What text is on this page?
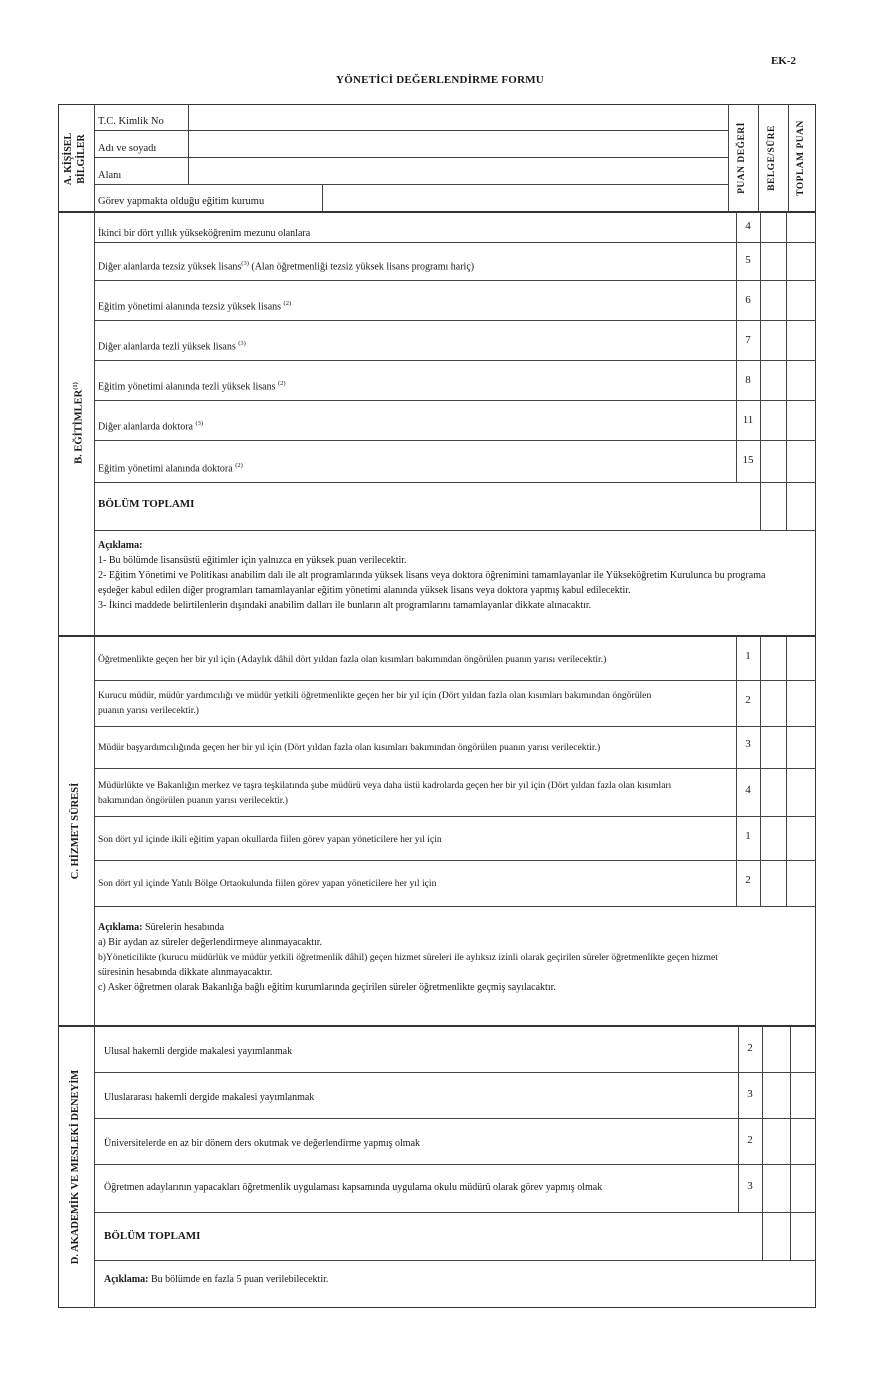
EK-2
YÖNETİCİ DEĞERLENDİRME FORMU
A. KİŞİSEL BİLGİLER
T.C. Kimlik No
Adı ve soyadı
Alanı
Görev yapmakta olduğu eğitim kurumu
PUAN DEĞERİ	BELGE/SÜRE	TOPLAM PUAN
B. EĞİTİMLER$^{(1)}$
İkinci bir dört yıllık yükseköğrenim mezunu olanlara
Diğer alanlarda tezsiz yüksek lisans$^{(3)}$ (Alan öğretmenliği tezsiz yüksek lisans programı hariç)
Eğitim yönetimi alanında tezsiz yüksek lisans $^{(2)}$
Diğer alanlarda tezli yüksek lisans $^{(3)}$
Eğitim yönetimi alanında tezli yüksek lisans $^{(2)}$
Diğer alanlarda doktora $^{(3)}$
Eğitim yönetimi alanında doktora $^{(2)}$
4
5
6
7
8
11
15
BÖLÜM TOPLAMI
Açıklama:
1- Bu bölümde lisansüstü eğitimler için yalnızca en yüksek puan verilecektir.
2- Eğitim Yönetimi ve Politikası anabilim dalı ile alt programlarında yüksek lisans veya doktora öğrenimini tamamlayanlar ile Yükseköğretim Kurulunca bu programa
eşdeğer kabul edilen diğer programları tamamlayanlar eğitim yönetimi alanında yüksek lisans veya doktora yapmış kabul edilecektir.
3- İkinci maddede belirtilenlerin dışındaki anabilim dalları ile bunların alt programlarını tamamlayanlar dikkate alınacaktır.
C. HİZMET SÜRESİ
Öğretmenlikte geçen her bir yıl için (Adaylık dâhil dört yıldan fazla olan kısımları bakımından öngörülen puanın yarısı verilecektir.)
Kurucu müdür, müdür yardımcılığı ve müdür yetkili öğretmenlikte geçen her bir yıl için (Dört yıldan fazla olan kısımları bakımından öngörülen
puanın yarısı verilecektir.)
Müdür başyardımcılığında geçen her bir yıl için (Dört yıldan fazla olan kısımları bakımından öngörülen puanın yarısı verilecektir.)
Müdürlükte ve Bakanlığın merkez ve taşra teşkilatında şube müdürü veya daha üstü kadrolarda geçen her bir yıl için (Dört yıldan fazla olan kısımları
bakımından öngörülen puanın yarısı verilecektir.)
Son dört yıl içinde ikili eğitim yapan okullarda fiilen görev yapan yöneticilere her yıl için
Son dört yıl içinde Yatılı Bölge Ortaokulunda fiilen görev yapan yöneticilere her yıl için
1
2
3
4
1
2
Açıklama: Sürelerin hesabında
a) Bir aydan az süreler değerlendirmeye alınmayacaktır.
b)Yöneticilikte (kurucu müdürlük ve müdür yetkili öğretmenlik dâhil) geçen hizmet süreleri ile aylıksız izinli olarak geçirilen süreler öğretmenlikte geçen hizmet
süresinin hesabında dikkate alınmayacaktır.
c) Asker öğretmen olarak Bakanlığa bağlı eğitim kurumlarında geçirilen süreler öğretmenlikte geçmiş sayılacaktır.
D. AKADEMİK VE MESLEKİ DENEYİM
Ulusal hakemli dergide makalesi yayımlanmak
Uluslararası hakemli dergide makalesi yayımlanmak
Üniversitelerde en az bir dönem ders okutmak ve değerlendirme yapmış olmak
Öğretmen adaylarının yapacakları öğretmenlik uygulaması kapsamında uygulama okulu müdürü olarak görev yapmış olmak
2
3
2
3
BÖLÜM TOPLAMI
Açıklama: Bu bölümde en fazla 5 puan verilebilecektir.
